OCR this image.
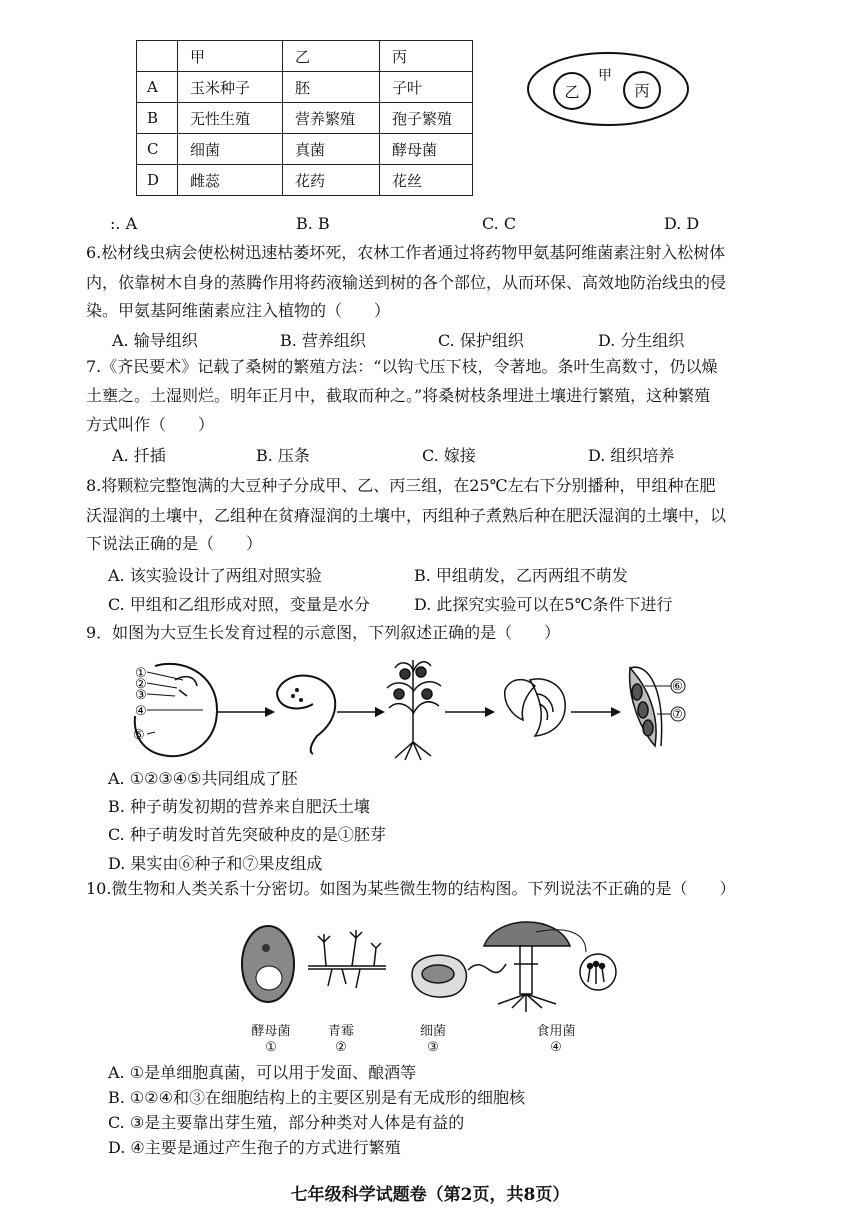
	甲	乙	丙
A	玉米种子	胚	子叶
B	无性生殖	营养繁殖	孢子繁殖
C	细菌	真菌	酵母菌
D	雌蕊	花药	花丝
甲
乙	丙
:. A	B. B	C. C	D. D
6.松材线虫病会使松树迅速枯萎坏死，农林工作者通过将药物甲氨基阿维菌素注射入松树体
内，依靠树木自身的蒸腾作用将药液输送到树的各个部位，从而环保、高效地防治线虫的侵
染。甲氨基阿维菌素应注入植物的（　　）
A. 输导组织	B. 营养组织	C. 保护组织	D. 分生组织
7.《齐民要术》记载了桑树的繁殖方法：“以钩弋压下枝，令著地。条叶生高数寸，仍以燥
土壅之。土湿则烂。明年正月中，截取而种之。”将桑树枝条埋进土壤进行繁殖，这种繁殖
方式叫作（　　）
A. 扦插	B. 压条	C. 嫁接	D. 组织培养
8.将颗粒完整饱满的大豆种子分成甲、乙、丙三组，在25℃左右下分别播种，甲组种在肥
沃湿润的土壤中，乙组种在贫瘠湿润的土壤中，丙组种子煮熟后种在肥沃湿润的土壤中，以
下说法正确的是（　　）
A. 该实验设计了两组对照实验	B. 甲组萌发，乙丙两组不萌发
C. 甲组和乙组形成对照，变量是水分	D. 此探究实验可以在5℃条件下进行
9．如图为大豆生长发育过程的示意图，下列叙述正确的是（　　）
①
②
③
④
⑤
⑥
⑦
A. ①②③④⑤共同组成了胚
B. 种子萌发初期的营养来自肥沃土壤
C. 种子萌发时首先突破种皮的是①胚芽
D. 果实由⑥种子和⑦果皮组成
10.微生物和人类关系十分密切。如图为某些微生物的结构图。下列说法不正确的是（　　）
酵母菌	青霉	细菌	食用菌
①	②	③	④
A. ①是单细胞真菌，可以用于发面、酿酒等
B. ①②④和③在细胞结构上的主要区别是有无成形的细胞核
C. ③是主要靠出芽生殖，部分种类对人体是有益的
D. ④主要是通过产生孢子的方式进行繁殖
七年级科学试题卷（第2页，共8页）
